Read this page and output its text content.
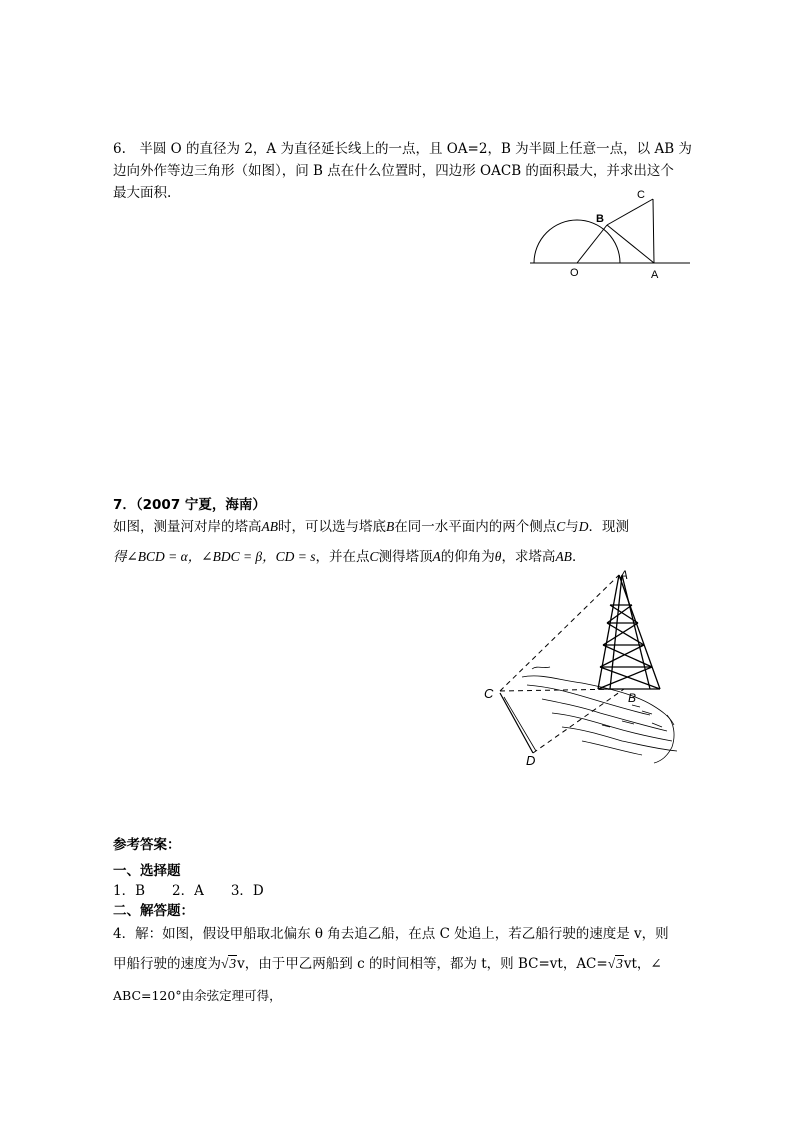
6.　半圆 O 的直径为 2，A 为直径延长线上的一点，且 OA=2，B 为半圆上任意一点，以 AB 为
边向外作等边三角形（如图），问 B 点在什么位置时，四边形 OACB 的面积最大，并求出这个
最大面积.	C
B
O	A
7．（2007 宁夏，海南）
如图，测量河对岸的塔高AB时，可以选与塔底B在同一水平面内的两个侧点C与D．现测
得∠BCD = α，∠BDC = β，CD = s，并在点C测得塔顶A的仰角为θ，求塔高AB．
C
D
A
B
参考答案：
一、选择题
1．B　　2．A　　3．D
二、解答题：
4．解：如图，假设甲船取北偏东 θ 角去追乙船，在点 C 处追上，若乙船行驶的速度是 v，则
甲船行驶的速度为√3v，由于甲乙两船到 c 的时间相等，都为 t，则 BC=vt，AC=√3vt，∠
ABC=120°由余弦定理可得，
